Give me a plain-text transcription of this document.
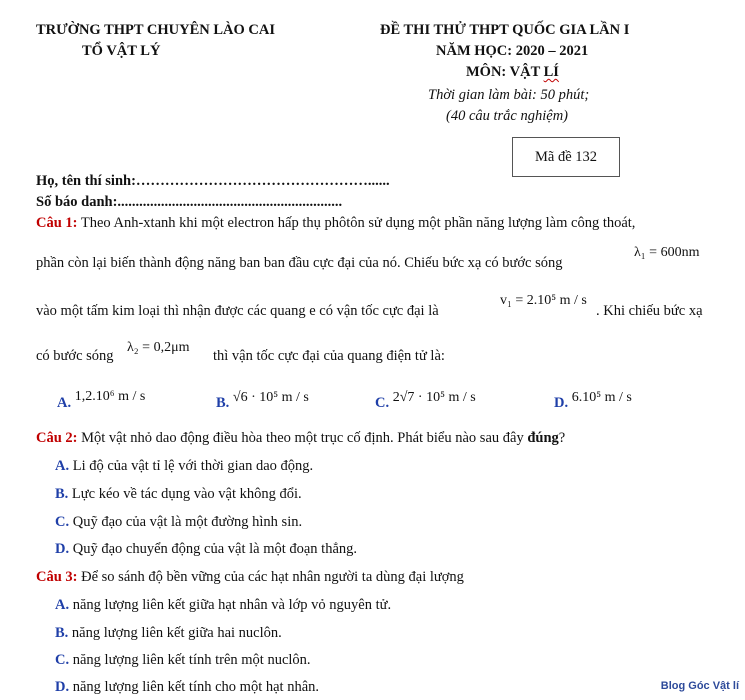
TRƯỜNG THPT CHUYÊN LÀO CAI
TỔ VẬT LÝ
ĐỀ THI THỬ THPT QUỐC GIA LẦN I
NĂM HỌC: 2020 – 2021
MÔN: VẬT LÍ
Thời gian làm bài: 50 phút;
(40 câu trắc nghiệm)
Mã đề 132
Họ, tên thí sinh:…………………………………………......
Số báo danh:..............................................................
Câu 1: Theo Anh-xtanh khi một electron hấp thụ phôtôn sử dụng một phần năng lượng làm công thoát,
phần còn lại biến thành động năng ban ban đầu cực đại của nó. Chiếu bức xạ có bước sóng
λ₁ = 600nm
vào một tấm kim loại thì nhận được các quang e có vận tốc cực đại là
v₁ = 2.10⁵ m / s
. Khi chiếu bức xạ
có bước sóng
λ₂ = 0,2μm
thì vận tốc cực đại của quang điện tử là:
A. 1,2.10⁶ m / s	B. √6 · 10⁵ m / s	C. 2√7 · 10⁵ m / s	D. 6.10⁵ m / s
Câu 2: Một vật nhỏ dao động điều hòa theo một trục cố định. Phát biểu nào sau đây đúng?
A. Li độ của vật tỉ lệ với thời gian dao động.
B. Lực kéo về tác dụng vào vật không đổi.
C. Quỹ đạo của vật là một đường hình sin.
D. Quỹ đạo chuyển động của vật là một đoạn thẳng.
Câu 3: Để so sánh độ bền vững của các hạt nhân người ta dùng đại lượng
A. năng lượng liên kết giữa hạt nhân và lớp vỏ nguyên tử.
B. năng lượng liên kết giữa hai nuclôn.
C. năng lượng liên kết tính trên một nuclôn.
D. năng lượng liên kết tính cho một hạt nhân.	Blog Góc Vật lí
